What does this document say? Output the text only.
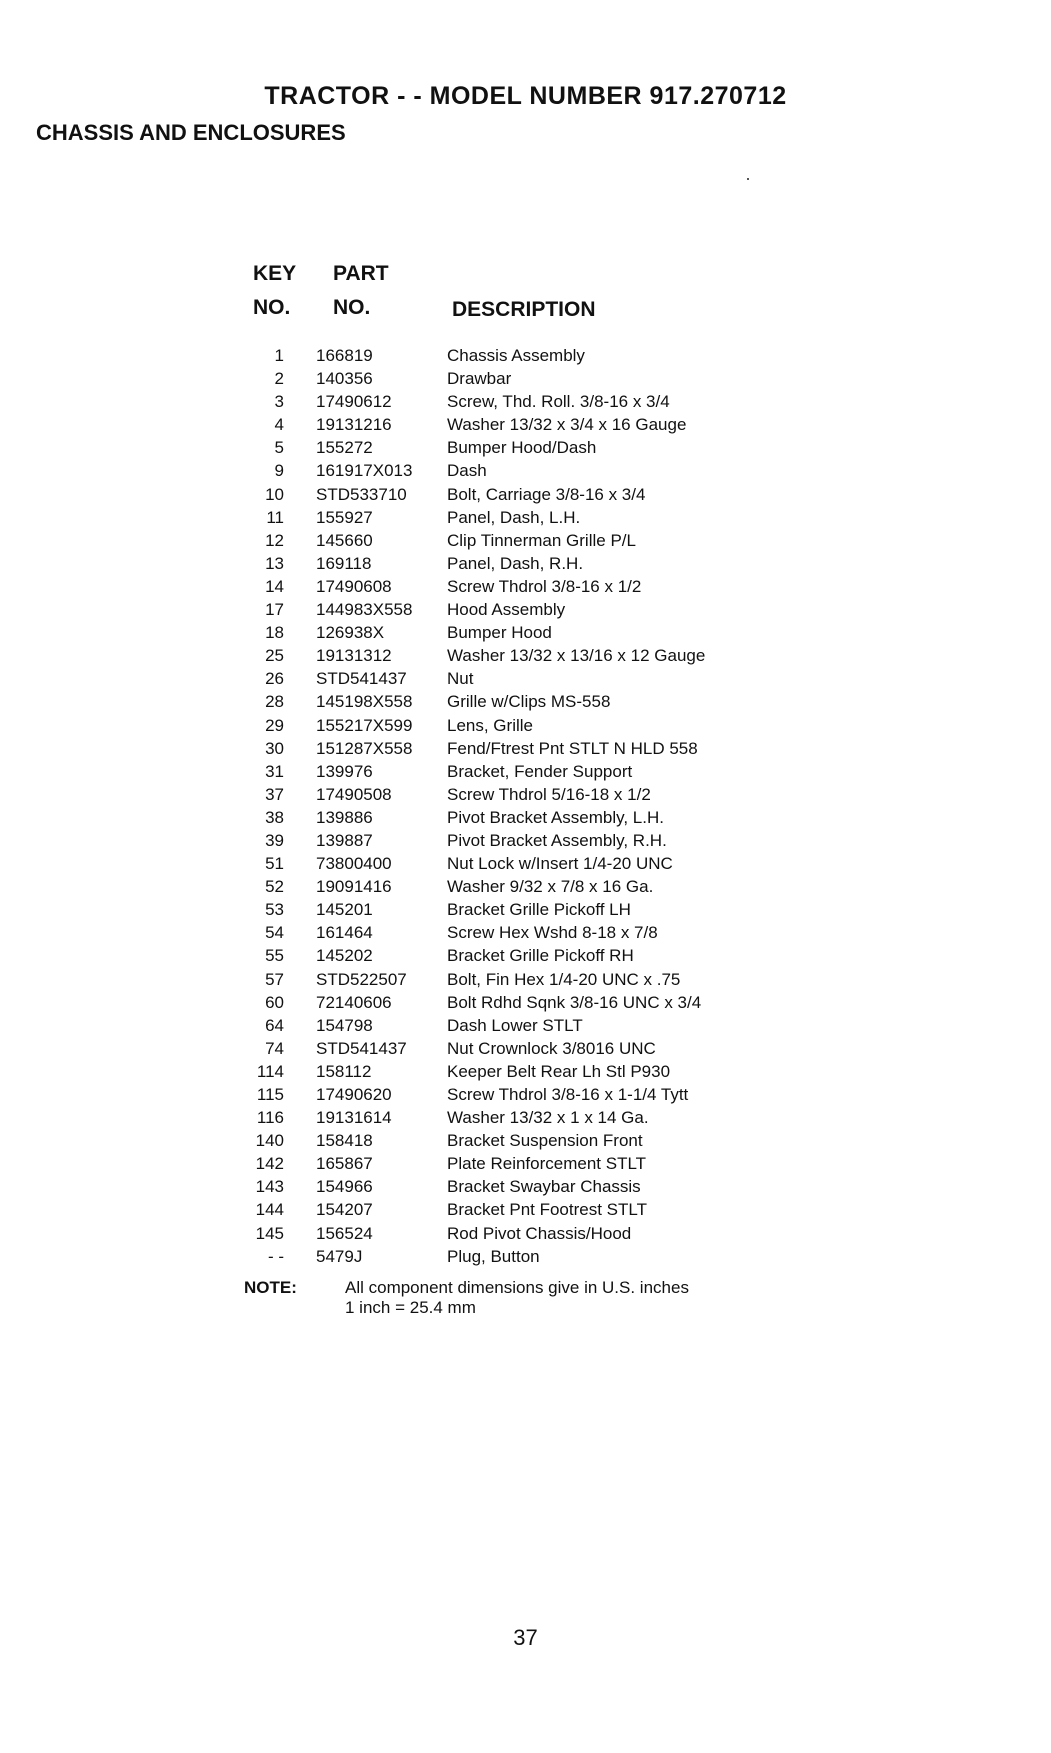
TRACTOR - - MODEL NUMBER 917.270712
CHASSIS AND ENCLOSURES
KEY
NO.
PART
NO.	DESCRIPTION
1	166819	Chassis Assembly
2	140356	Drawbar
3	17490612	Screw, Thd. Roll. 3/8-16 x 3/4
4	19131216	Washer 13/32 x 3/4 x 16 Gauge
5	155272	Bumper Hood/Dash
9	161917X013	Dash
10	STD533710	Bolt, Carriage 3/8-16 x 3/4
11	155927	Panel, Dash, L.H.
12	145660	Clip Tinnerman Grille P/L
13	169118	Panel, Dash, R.H.
14	17490608	Screw Thdrol 3/8-16 x 1/2
17	144983X558	Hood Assembly
18	126938X	Bumper Hood
25	19131312	Washer 13/32 x 13/16 x 12 Gauge
26	STD541437	Nut
28	145198X558	Grille w/Clips MS-558
29	155217X599	Lens, Grille
30	151287X558	Fend/Ftrest Pnt STLT N HLD 558
31	139976	Bracket, Fender Support
37	17490508	Screw Thdrol 5/16-18 x 1/2
38	139886	Pivot Bracket Assembly, L.H.
39	139887	Pivot Bracket Assembly, R.H.
51	73800400	Nut Lock w/Insert 1/4-20 UNC
52	19091416	Washer 9/32 x 7/8 x 16 Ga.
53	145201	Bracket Grille Pickoff LH
54	161464	Screw Hex Wshd 8-18 x 7/8
55	145202	Bracket Grille Pickoff RH
57	STD522507	Bolt, Fin Hex 1/4-20 UNC x .75
60	72140606	Bolt Rdhd Sqnk 3/8-16 UNC x 3/4
64	154798	Dash Lower STLT
74	STD541437	Nut Crownlock 3/8016 UNC
114	158112	Keeper Belt Rear Lh Stl P930
115	17490620	Screw Thdrol 3/8-16 x 1-1/4 Tytt
116	19131614	Washer 13/32 x 1 x 14 Ga.
140	158418	Bracket Suspension Front
142	165867	Plate Reinforcement STLT
143	154966	Bracket Swaybar Chassis
144	154207	Bracket Pnt Footrest STLT
145	156524	Rod Pivot Chassis/Hood
- -	5479J	Plug, Button
NOTE:	All component dimensions give in U.S. inches
1 inch = 25.4 mm
37
